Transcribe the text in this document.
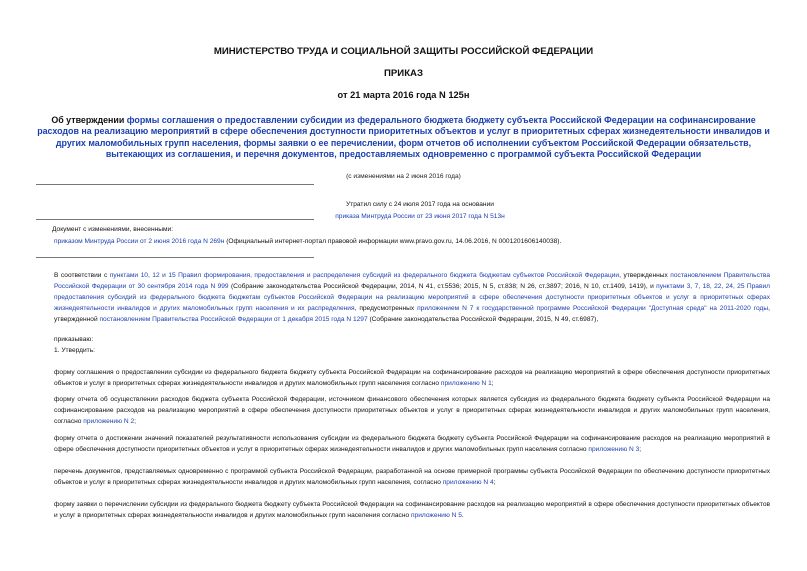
МИНИСТЕРСТВО ТРУДА И СОЦИАЛЬНОЙ ЗАЩИТЫ РОССИЙСКОЙ ФЕДЕРАЦИИ
ПРИКАЗ
от 21 марта 2016 года N 125н
Об утверждении формы соглашения о предоставлении субсидии из федерального бюджета бюджету субъекта Российской Федерации на софинансирование расходов на реализацию мероприятий в сфере обеспечения доступности приоритетных объектов и услуг в приоритетных сферах жизнедеятельности инвалидов и других маломобильных групп населения, формы заявки о ее перечислении, форм отчетов об исполнении субъектом Российской Федерации обязательств, вытекающих из соглашения, и перечня документов, предоставляемых одновременно с программой субъекта Российской Федерации
(с изменениями на 2 июня 2016 года)
Утратил силу с 24 июля 2017 года на основании
приказа Минтруда России от 23 июня 2017 года N 513н
Документ с изменениями, внесенными:
приказом Минтруда России от 2 июня 2016 года N 269н (Официальный интернет-портал правовой информации www.pravo.gov.ru, 14.06.2016, N 0001201606140038).
В соответствии с пунктами 10, 12 и 15 Правил формирования, предоставления и распределения субсидий из федерального бюджета бюджетам субъектов Российской Федерации, утвержденных постановлением Правительства Российской Федерации от 30 сентября 2014 года N 999 (Собрание законодательства Российской Федерации, 2014, N 41, ст.5536; 2015, N 5, ст.838; N 26, ст.3897; 2016, N 10, ст.1409, 1419), и пунктами 3, 7, 18, 22, 24, 25 Правил предоставления субсидий из федерального бюджета бюджетам субъектов Российской Федерации на реализацию мероприятий в сфере обеспечения доступности приоритетных объектов и услуг в приоритетных сферах жизнедеятельности инвалидов и других маломобильных групп населения и их распределения, предусмотренных приложением N 7 к государственной программе Российской Федерации "Доступная среда" на 2011-2020 годы, утвержденной постановлением Правительства Российской Федерации от 1 декабря 2015 года N 1297 (Собрание законодательства Российской Федерации, 2015, N 49, ст.6987),
приказываю:
1. Утвердить:
форму соглашения о предоставлении субсидии из федерального бюджета бюджету субъекта Российской Федерации на софинансирование расходов на реализацию мероприятий в сфере обеспечения доступности приоритетных объектов и услуг в приоритетных сферах жизнедеятельности инвалидов и других маломобильных групп населения согласно приложению N 1;
форму отчета об осуществлении расходов бюджета субъекта Российской Федерации, источником финансового обеспечения которых является субсидия из федерального бюджета бюджету субъекта Российской Федерации на софинансирование расходов на реализацию мероприятий в сфере обеспечения доступности приоритетных объектов и услуг в приоритетных сферах жизнедеятельности инвалидов и других маломобильных групп населения, согласно приложению N 2;
форму отчета о достижении значений показателей результативности использования субсидии из федерального бюджета бюджету субъекта Российской Федерации на софинансирование расходов на реализацию мероприятий в сфере обеспечения доступности приоритетных объектов и услуг в приоритетных сферах жизнедеятельности инвалидов и других маломобильных групп населения согласно приложению N 3;
перечень документов, представляемых одновременно с программой субъекта Российской Федерации, разработанной на основе примерной программы субъекта Российской Федерации по обеспечению доступности приоритетных объектов и услуг в приоритетных сферах жизнедеятельности инвалидов и других маломобильных групп населения, согласно приложению N 4;
форму заявки о перечислении субсидии из федерального бюджета бюджету субъекта Российской Федерации на софинансирование расходов на реализацию мероприятий в сфере обеспечения доступности приоритетных объектов и услуг в приоритетных сферах жизнедеятельности инвалидов и других маломобильных групп населения согласно приложению N 5.
